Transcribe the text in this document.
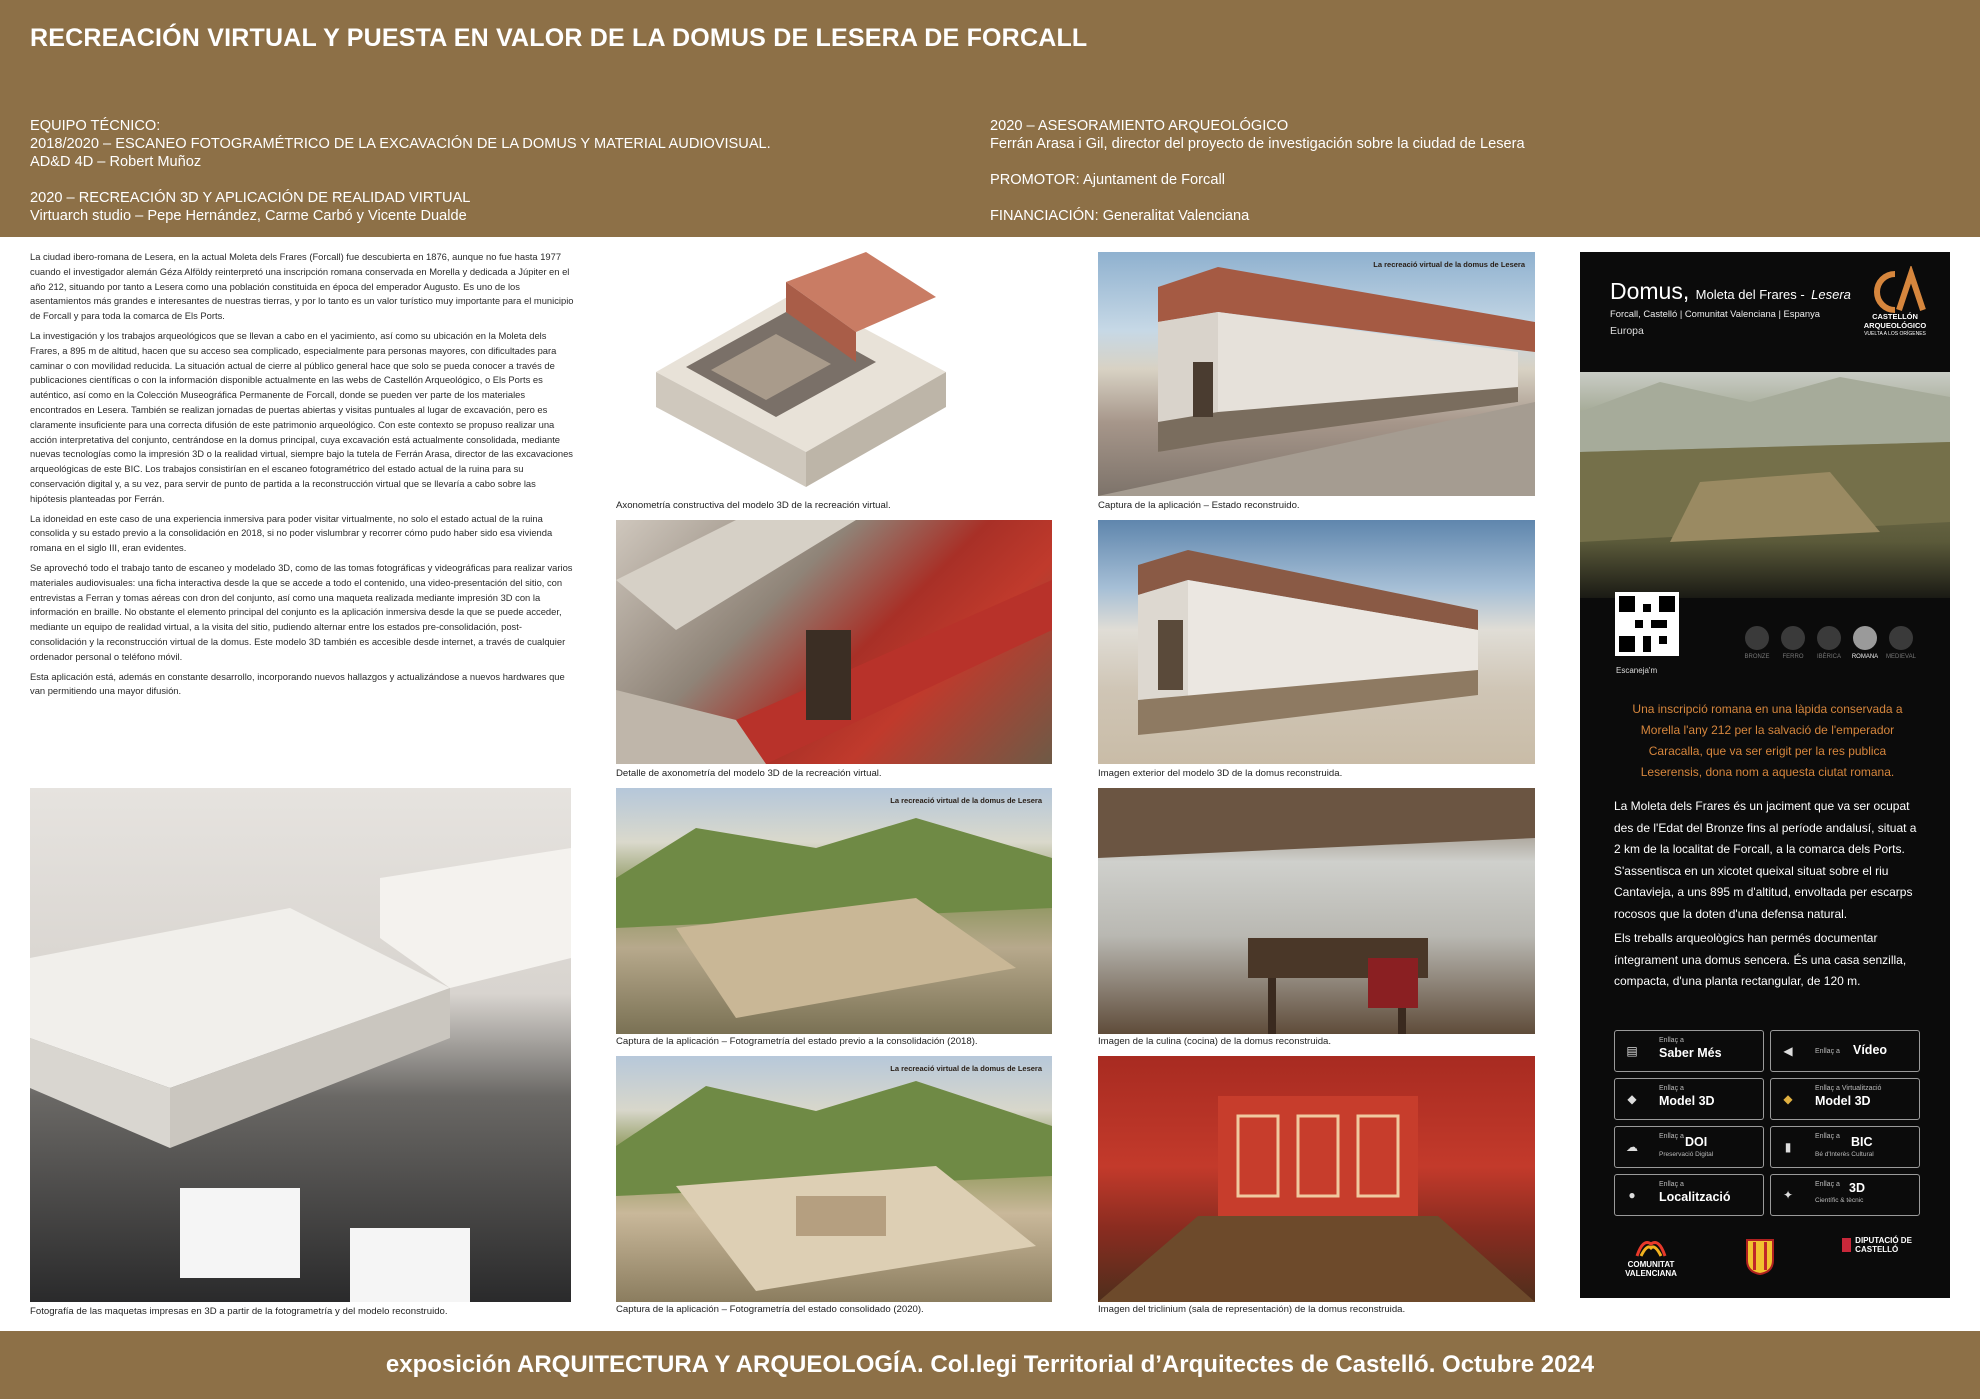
RECREACIÓN VIRTUAL Y PUESTA EN VALOR DE LA DOMUS DE LESERA DE FORCALL

EQUIPO TÉCNICO:
2018/2020 – ESCANEO FOTOGRAMÉTRICO DE LA EXCAVACIÓN DE LA DOMUS Y MATERIAL AUDIOVISUAL.
AD&D 4D – Robert Muñoz

2020 – RECREACIÓN 3D Y APLICACIÓN DE REALIDAD VIRTUAL
Virtuarch studio – Pepe Hernández, Carme Carbó y Vicente Dualde

2020 – ASESORAMIENTO ARQUEOLÓGICO
Ferrán Arasa i Gil, director del proyecto de investigación sobre la ciudad de Lesera

PROMOTOR: Ajuntament de Forcall

FINANCIACIÓN: Generalitat Valenciana

La ciudad ibero-romana de Lesera, en la actual Moleta dels Frares (Forcall) fue descubierta en 1876, aunque no fue hasta 1977 cuando el investigador alemán Géza Alföldy reinterpretó una inscripción romana conservada en Morella y dedicada a Júpiter en el año 212, situando por tanto a Lesera como una población constituida en época del emperador Augusto. Es uno de los asentamientos más grandes e interesantes de nuestras tierras, y por lo tanto es un valor turístico muy importante para el municipio de Forcall y para toda la comarca de Els Ports.

La investigación y los trabajos arqueológicos que se llevan a cabo en el yacimiento, así como su ubicación en la Moleta dels Frares, a 895 m de altitud, hacen que su acceso sea complicado, especialmente para personas mayores, con dificultades para caminar o con movilidad reducida. La situación actual de cierre al público general hace que solo se pueda conocer a través de publicaciones científicas o con la información disponible actualmente en las webs de Castellón Arqueológico, o Els Ports es auténtico, así como en la Colección Museográfica Permanente de Forcall, donde se pueden ver parte de los materiales encontrados en Lesera. También se realizan jornadas de puertas abiertas y visitas puntuales al lugar de excavación, pero es claramente insuficiente para una correcta difusión de este patrimonio arqueológico. Con este contexto se propuso realizar una acción interpretativa del conjunto, centrándose en la domus principal, cuya excavación está actualmente consolidada, mediante nuevas tecnologías como la impresión 3D o la realidad virtual, siempre bajo la tutela de Ferrán Arasa, director de las excavaciones arqueológicas de este BIC. Los trabajos consistirían en el escaneo fotogramétrico del estado actual de la ruina para su conservación digital y, a su vez, para servir de punto de partida a la reconstrucción virtual que se llevaría a cabo sobre las hipótesis planteadas por Ferrán.

La idoneidad en este caso de una experiencia inmersiva para poder visitar virtualmente, no solo el estado actual de la ruina consolida y su estado previo a la consolidación en 2018, si no poder vislumbrar y recorrer cómo pudo haber sido esa vivienda romana en el siglo III, eran evidentes.

Se aprovechó todo el trabajo tanto de escaneo y modelado 3D, como de las tomas fotográficas y videográficas para realizar varios materiales audiovisuales: una ficha interactiva desde la que se accede a todo el contenido, una video-presentación del sitio, con entrevistas a Ferran y tomas aéreas con dron del conjunto, así como una maqueta realizada mediante impresión 3D con la información en braille. No obstante el elemento principal del conjunto es la aplicación inmersiva desde la que se puede acceder, mediante un equipo de realidad virtual, a la visita del sitio, pudiendo alternar entre los estados pre-consolidación, post-consolidación y la reconstrucción virtual de la domus. Este modelo 3D también es accesible desde internet, a través de cualquier ordenador personal o teléfono móvil.

Esta aplicación está, además en constante desarrollo, incorporando nuevos hallazgos y actualizándose a nuevos hardwares que van permitiendo una mayor difusión.

Axonometría constructiva del modelo 3D de la recreación virtual.
La recreació virtual de la domus de Lesera
Captura de la aplicación – Estado reconstruido.
Detalle de axonometría del modelo 3D de la recreación virtual.	Imagen exterior del modelo 3D de la domus reconstruida.
Fotografía de las maquetas impresas en 3D a partir de la fotogrametría y del modelo reconstruido.
La recreació virtual de la domus de Lesera
Captura de la aplicación – Fotogrametría del estado previo a la consolidación (2018).	Imagen de la culina (cocina) de la domus reconstruida.
La recreació virtual de la domus de Lesera
Captura de la aplicación – Fotogrametría del estado consolidado (2020).	Imagen del triclinium (sala de representación) de la domus reconstruida.
Domus, Moleta del Frares - Lesera
Forcall, Castelló | Comunitat Valenciana | Espanya
Europa
CASTELLÓN ARQUEOLÓGICO
VUELTA A LOS ORÍGENES
Escaneja'm
BRONZE	FERRO	IBÈRICA	ROMANA	MEDIEVAL
Una inscripció romana en una làpida conservada a Morella l'any 212 per la salvació de l'emperador Caracalla, que va ser erigit per la res publica Leserensis, dona nom a aquesta ciutat romana.

La Moleta dels Frares és un jaciment que va ser ocupat des de l'Edat del Bronze fins al període andalusí, situat a 2 km de la localitat de Forcall, a la comarca dels Ports. S'assentisca en un xicotet queixal situat sobre el riu Cantavieja, a uns 895 m d'altitud, envoltada per escarps rocosos que la doten d'una defensa natural.

Els treballs arqueològics han permés documentar íntegrament una domus sencera. És una casa senzilla, compacta, d'una planta rectangular, de 120 m.

▤
Enllaç a
Saber Més	◀	Enllaç a Vídeo
◆
Enllaç a
Model 3D	◆
Enllaç a Virtualització
Model 3D
☁
Enllaç a DOI
Preservació Digital
▮
Enllaç a BIC
Bé d'Interès Cultural
●
Enllaç a
Localització	✦
Enllaç a 3D
Científic & tècnic
COMUNITAT VALENCIANA
DIPUTACIÓ DE CASTELLÓ
exposición ARQUITECTURA Y ARQUEOLOGÍA. Col.legi Territorial d’Arquitectes de Castelló. Octubre 2024
